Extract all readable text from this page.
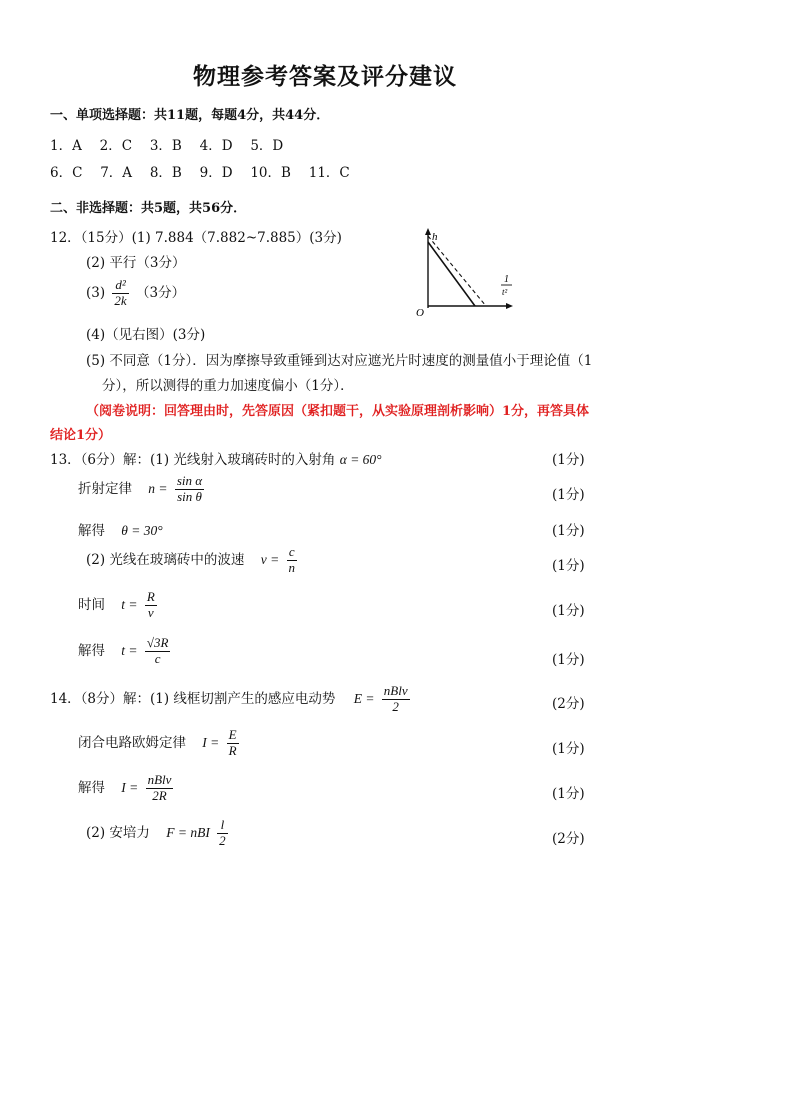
物理参考答案及评分建议
一、单项选择题：共11题，每题4分，共44分．
1．A　 2．C　 3．B　 4．D　 5．D
6．C　 7．A　 8．B　 9．D　 10．B　 11．C
二、非选择题：共5题，共56分．
12．（15分）(1) 7.884（7.882~7.885）(3分)
(2) 平行（3分）
$(3) \frac{\text{d²}}{2k} (3$分）
(4)（见右图）(3分)
(5) 不同意（1分）．因为摩擦导致重锤到达对应遮光片时速度的测量值小于理论值（1
分），所以测得的重力加速度偏小（1分）．
（阅卷说明：回答理由时，先答原因（紧扣题干，从实验原理剖析影响）1分，再答具体
结论1分）
h
O
1
t²
13．（6分）解：(1) 光线射入玻璃砖时的入射角 α = 60°	(1分)
折射定律 $n = \frac{\text{sin α}}{\text{sin θ}}$	(1分)
解得 θ = 30°	(1分)
(2) 光线在玻璃砖中的波速 $v = \frac{c}{n}$	(1分)
时间 $t = \frac{R}{v}$	(1分)
解得 $t = \frac{√3R}{c}$	(1分)
14．（8分）解：(1) 线框切割产生的感应电动势 $E = \frac{\text{nBlv}}{2}$	(2分)
闭合电路欧姆定律 $I = \frac{E}{R}$	(1分)
解得 $I = \frac{\text{nBlv}}{2R}$	(1分)
(2) 安培力 F = nBI $\frac{l}{2}$	(2分)
